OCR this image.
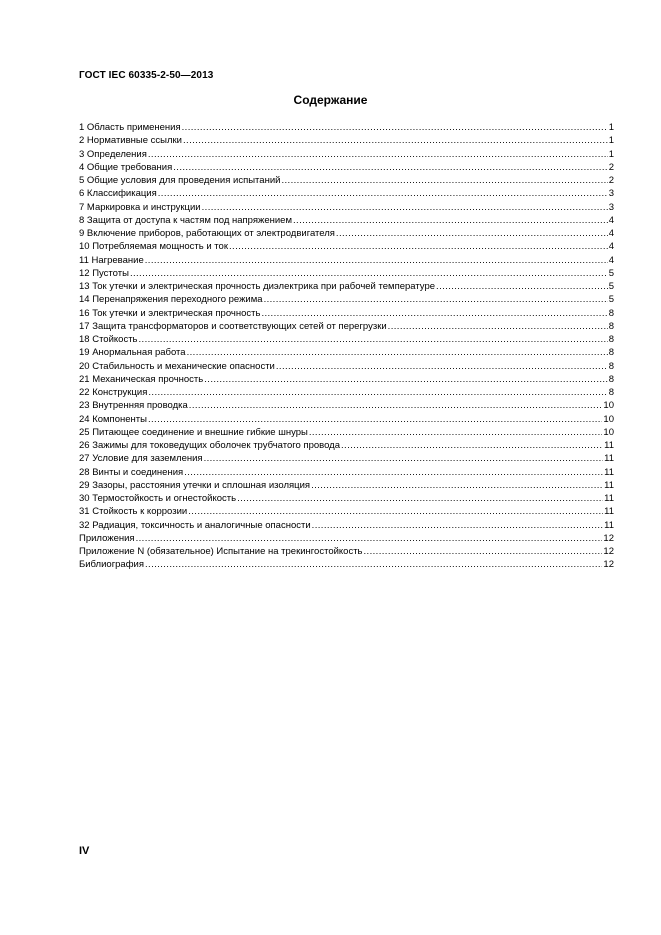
ГОСТ IEC 60335-2-50—2013
Содержание
1 Область применения .....	1
2 Нормативные ссылки .....	1
3 Определения .....	1
4 Общие требования .....	2
5 Общие условия для проведения испытаний .....	2
6 Классификация .....	3
7 Маркировка и инструкции .....	3
8 Защита от доступа к частям под напряжением .....	4
9 Включение приборов, работающих от электродвигателя .....	4
10 Потребляемая мощность и ток .....	4
11 Нагревание .....	4
12 Пустоты .....	5
13 Ток утечки и электрическая прочность диэлектрика при рабочей температуре .....	5
14 Перенапряжения переходного режима .....	5
16 Ток утечки и электрическая прочность .....	8
17 Защита трансформаторов и соответствующих сетей от перегрузки .....	8
18 Стойкость .....	8
19 Анормальная работа .....	8
20 Стабильность и механические опасности .....	8
21 Механическая прочность .....	8
22 Конструкция .....	8
23 Внутренняя проводка .....	10
24 Компоненты .....	10
25 Питающее соединение и внешние гибкие шнуры .....	10
26 Зажимы для токоведущих оболочек трубчатого провода .....	11
27 Условие для заземления .....	11
28 Винты и соединения .....	11
29 Зазоры, расстояния утечки и сплошная изоляция .....	11
30 Термостойкость и огнестойкость .....	11
31 Стойкость к коррозии .....	11
32 Радиация, токсичность и аналогичные опасности .....	11
Приложения .....	12
Приложение N (обязательное) Испытание на трекингостойкость .....	12
Библиография .....	12
IV
